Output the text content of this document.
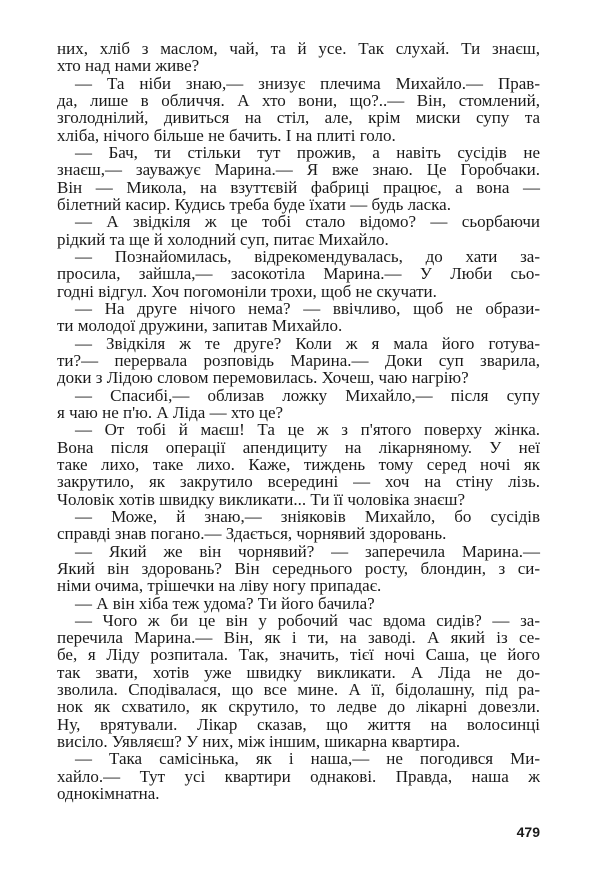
них, хліб з маслом, чай, та й усе. Так слухай. Ти знаєш,
хто над нами живе?
— Та ніби знаю,— знизує плечима Михайло.— Прав-
да, лише в обличчя. А хто вони, що?..— Він, стомлений,
зголоднілий, дивиться на стіл, але, крім миски супу та
хліба, нічого більше не бачить. І на плиті голо.
— Бач, ти стільки тут прожив, а навіть сусідів не
знаєш,— зауважує Марина.— Я вже знаю. Це Горобчаки.
Він — Микола, на взуттєвій фабриці працює, а вона —
білетний касир. Кудись треба буде їхати — будь ласка.
— А звідкіля ж це тобі стало відомо? — сьорбаючи
рідкий та ще й холодний суп, питає Михайло.
— Познайомилась, відрекомендувалась, до хати за-
просила, зайшла,— засокотіла Марина.— У Люби сьо-
годні відгул. Хоч погомоніли трохи, щоб не скучати.
— На друге нічого нема? — ввічливо, щоб не образи-
ти молодої дружини, запитав Михайло.
— Звідкіля ж те друге? Коли ж я мала його готува-
ти?— перервала розповідь Марина.— Доки суп зварила,
доки з Лідою словом перемовилась. Хочеш, чаю нагрію?
— Спасибі,— облизав ложку Михайло,— після супу
я чаю не п'ю. А Ліда — хто це?
— От тобі й маєш! Та це ж з п'ятого поверху жінка.
Вона після операції апендициту на лікарняному. У неї
таке лихо, таке лихо. Каже, тиждень тому серед ночі як
закрутило, як закрутило всередині — хоч на стіну лізь.
Чоловік хотів швидку викликати... Ти її чоловіка знаєш?
— Може, й знаю,— зніяковів Михайло, бо сусідів
справді знав погано.— Здається, чорнявий здоровань.
— Який же він чорнявий? — заперечила Марина.—
Який він здоровань? Він середнього росту, блондин, з си-
німи очима, трішечки на ліву ногу припадає.
— А він хіба теж удома? Ти його бачила?
— Чого ж би це він у робочий час вдома сидів? — за-
перечила Марина.— Він, як і ти, на заводі. А який із се-
бе, я Ліду розпитала. Так, значить, тієї ночі Саша, це його
так звати, хотів уже швидку викликати. А Ліда не до-
зволила. Сподівалася, що все мине. А її, бідолашну, під ра-
нок як схватило, як скрутило, то ледве до лікарні довезли.
Ну, врятували. Лікар сказав, що життя на волосинці
висіло. Уявляєш? У них, між іншим, шикарна квартира.
— Така самісінька, як і наша,— не погодився Ми-
хайло.— Тут усі квартири однакові. Правда, наша ж
однокімнатна.
479
